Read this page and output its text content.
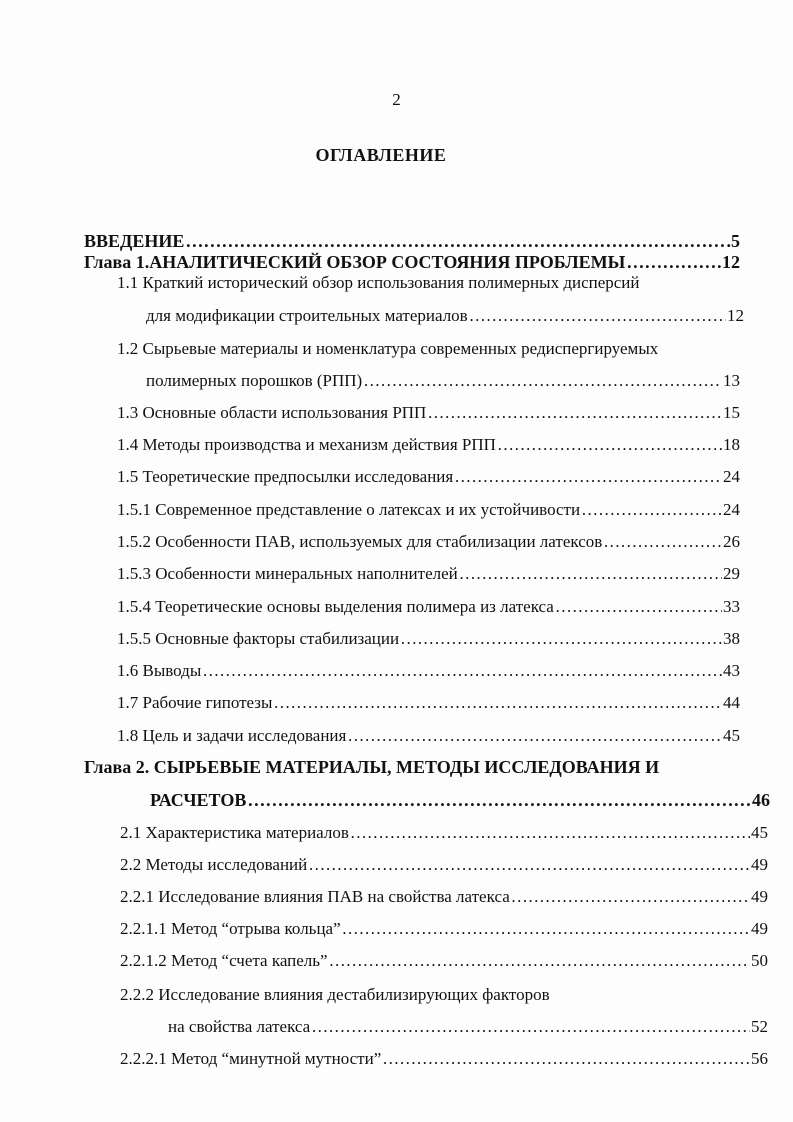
2
ОГЛАВЛЕНИЕ
ВВЕДЕНИЕ ……………………………………………………………………………………………………………………………………………………………………………………………………	.5
Глава 1.АНАЛИТИЧЕСКИЙ ОБЗОР СОСТОЯНИЯ ПРОБЛЕМЫ ……………………………………………………………………………………………………………………………………………………………………………………………………	12
1.1 Краткий исторический обзор использования полимерных дисперсий
для модификации строительных материалов ……………………………………………………………………………………………………………………………………………………………………………………………………	12
1.2 Сырьевые материалы и номенклатура современных редиспергируемых
полимерных порошков (РПП) ……………………………………………………………………………………………………………………………………………………………………………………………………	13
1.3 Основные области использования РПП ……………………………………………………………………………………………………………………………………………………………………………………………………	15
1.4 Методы производства и механизм действия РПП ……………………………………………………………………………………………………………………………………………………………………………………………………	18
1.5 Теоретические предпосылки исследования ……………………………………………………………………………………………………………………………………………………………………………………………………	24
1.5.1 Современное представление о латексах и их устойчивости ……………………………………………………………………………………………………………………………………………………………………………………………………	24
1.5.2 Особенности ПАВ, используемых для стабилизации латексов ……………………………………………………………………………………………………………………………………………………………………………………………………	26
1.5.3 Особенности минеральных наполнителей ……………………………………………………………………………………………………………………………………………………………………………………………………	29
1.5.4 Теоретические основы выделения полимера из латекса ……………………………………………………………………………………………………………………………………………………………………………………………………	33
1.5.5 Основные факторы стабилизации ……………………………………………………………………………………………………………………………………………………………………………………………………	38
1.6 Выводы ……………………………………………………………………………………………………………………………………………………………………………………………………	43
1.7 Рабочие гипотезы ……………………………………………………………………………………………………………………………………………………………………………………………………	44
1.8 Цель и задачи исследования ……………………………………………………………………………………………………………………………………………………………………………………………………	45
Глава 2. СЫРЬЕВЫЕ МАТЕРИАЛЫ, МЕТОДЫ ИССЛЕДОВАНИЯ И
РАСЧЕТОВ ……………………………………………………………………………………………………………………………………………………………………………………………………	46
2.1 Характеристика материалов ……………………………………………………………………………………………………………………………………………………………………………………………………	45
2.2 Методы исследований ……………………………………………………………………………………………………………………………………………………………………………………………………	49
2.2.1 Исследование влияния ПАВ на свойства латекса ……………………………………………………………………………………………………………………………………………………………………………………………………	49
2.2.1.1 Метод “отрыва кольца” ……………………………………………………………………………………………………………………………………………………………………………………………………	49
2.2.1.2 Метод “счета капель” ……………………………………………………………………………………………………………………………………………………………………………………………………	50
2.2.2 Исследование влияния дестабилизирующих факторов
на свойства латекса ……………………………………………………………………………………………………………………………………………………………………………………………………	52
2.2.2.1 Метод “минутной мутности” ……………………………………………………………………………………………………………………………………………………………………………………………………	56
